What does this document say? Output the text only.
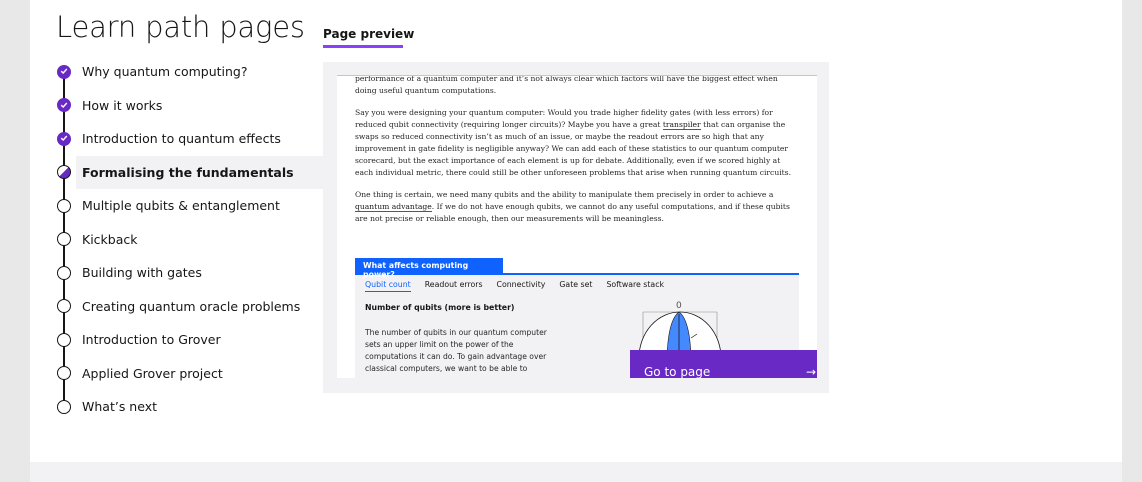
Learn path pages
Why quantum computing?
How it works
Introduction to quantum effects
Formalising the fundamentals
Multiple qubits & entanglement
Kickback
Building with gates
Creating quantum oracle problems
Introduction to Grover
Applied Grover project
What’s next
Page preview

performance of a quantum computer and it’s not always clear which factors will have the biggest effect when doing useful quantum computations.

Say you were designing your quantum computer: Would you trade higher fidelity gates (with less errors) for reduced qubit connectivity (requiring longer circuits)? Maybe you have a great transpiler that can organise the swaps so reduced connectivity isn’t as much of an issue, or maybe the readout errors are so high that any improvement in gate fidelity is negligible anyway? We can add each of these statistics to our quantum computer scorecard, but the exact importance of each element is up for debate. Additionally, even if we scored highly at each individual metric, there could still be other unforeseen problems that arise when running quantum circuits.

One thing is certain, we need many qubits and the ability to manipulate them precisely in order to achieve a quantum advantage. If we do not have enough qubits, we cannot do any useful computations, and if these qubits are not precise or reliable enough, then our measurements will be meaningless.

What affects computing power?
Qubit count Readout errors Connectivity Gate set Software stack
Number of qubits (more is better)
The number of qubits in our quantum computer sets an upper limit on the power of the computations it can do. To gain advantage over classical computers, we want to be able to
0
Go to page	→
